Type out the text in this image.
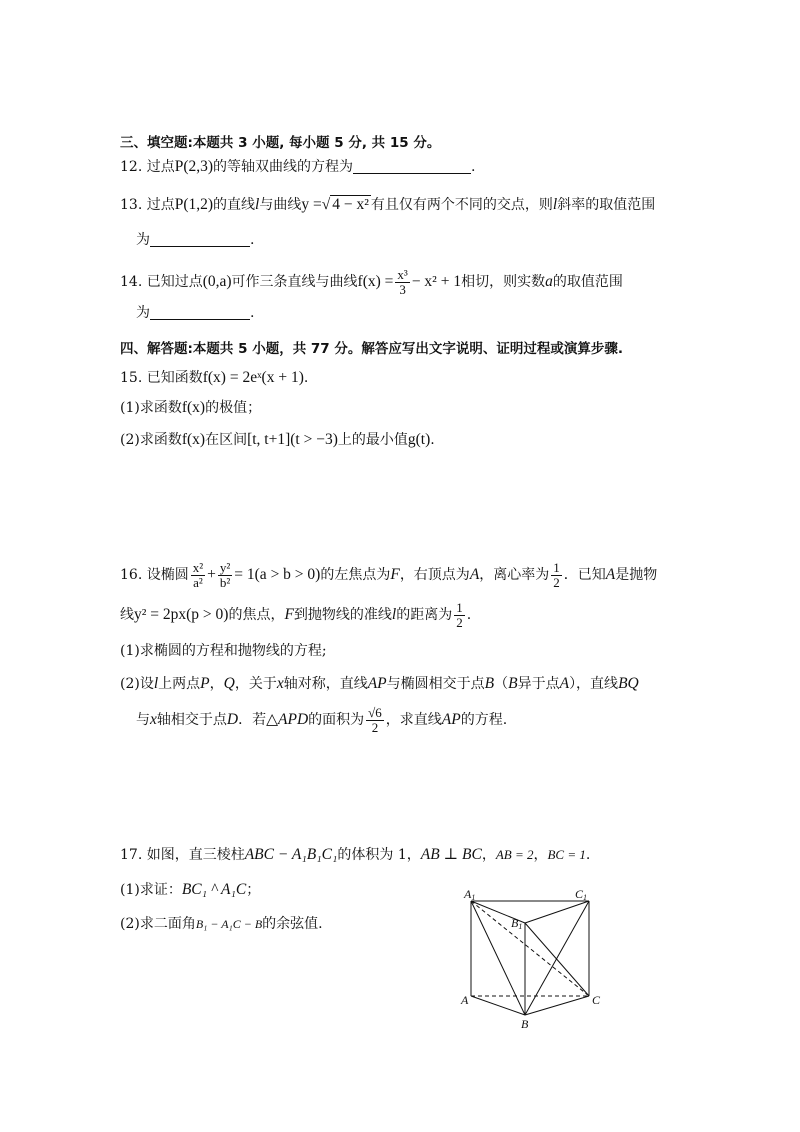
三、填空题:本题共 3 小题, 每小题 5 分, 共 15 分。
12. 过点P(2,3)的等轴双曲线的方程为	.
13. 过点P(1,2)的直线l与曲线y =√ 4 − x² 有且仅有两个不同的交点，则l斜率的取值范围
为	.
14. 已知过点(0,a)可作三条直线与曲线$f(x) = \frac{\text{x³}}{3} - x^2 + 1$相切，则实数a的取值范围
为	.
四、解答题:本题共 5 小题，共 77 分。解答应写出文字说明、证明过程或演算步骤.
15. 已知函数f(x) = 2eˣ(x + 1).
(1)求函数f(x)的极值；
(2)求函数f(x)在区间[t, t+1](t > −3)上的最小值g(t).
16. 设椭圆 $\frac{\text{x²}}{\text{a²}} + \frac{\text{y²}}{\text{b²}} = 1(a > b > 0)$的左焦点为F，右顶点为A，离心率为 $\frac{1}{2}$ ．已知A是抛物
线y² = 2px(p > 0)的焦点，F到抛物线的准线l的距离为 $\frac{1}{2}$ .
(1)求椭圆的方程和抛物线的方程;
(2)设l上两点P，Q，关于x轴对称，直线AP与椭圆相交于点B（B异于点A），直线BQ
与x轴相交于点D．若△APD的面积为 $\frac{√6}{2}$ ，求直线AP的方程.
17. 如图，直三棱柱ABC − A₁B₁C₁的体积为 1，AB ⊥ BC，AB = 2，BC = 1.
(1)求证：BC₁ ^ A₁C；
(2)求二面角B₁ − A₁C − B的余弦值.
A1	C1
B1
A
B
C
